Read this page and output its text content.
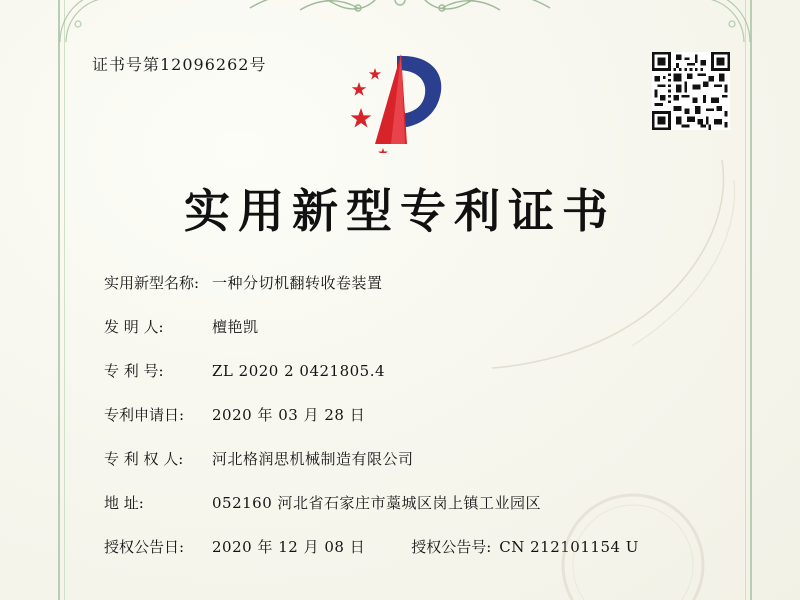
证书号第12096262号
实用新型专利证书
实用新型名称: 一种分切机翻转收卷装置
发 明 人:	檀艳凯
专 利 号:	ZL 2020 2 0421805.4
专利申请日:	2020 年 03 月 28 日
专 利 权 人:	河北格润思机械制造有限公司
地 址:	052160 河北省石家庄市藁城区岗上镇工业园区
授权公告日:	2020 年 12 月 08 日	授权公告号: CN 212101154 U
